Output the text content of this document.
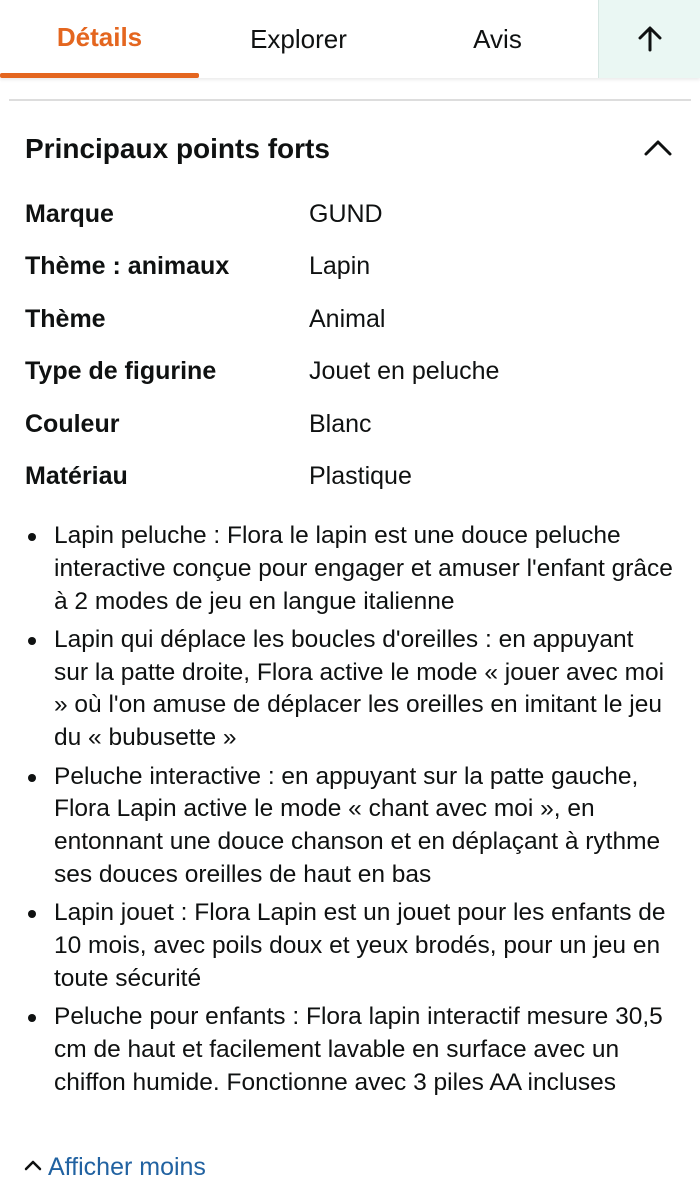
Détails	Explorer	Avis
Principaux points forts
Marque	GUND
Thème : animaux	Lapin
Thème	Animal
Type de figurine	Jouet en peluche
Couleur	Blanc
Matériau	Plastique
Lapin peluche : Flora le lapin est une douce peluche interactive conçue pour engager et amuser l'enfant grâce à 2 modes de jeu en langue italienne
Lapin qui déplace les boucles d'oreilles : en appuyant sur la patte droite, Flora active le mode « jouer avec moi » où l'on amuse de déplacer les oreilles en imitant le jeu du « bubusette »
Peluche interactive : en appuyant sur la patte gauche, Flora Lapin active le mode « chant avec moi », en entonnant une douce chanson et en déplaçant à rythme ses douces oreilles de haut en bas
Lapin jouet : Flora Lapin est un jouet pour les enfants de 10 mois, avec poils doux et yeux brodés, pour un jeu en toute sécurité
Peluche pour enfants : Flora lapin interactif mesure 30,5 cm de haut et facilement lavable en surface avec un chiffon humide. Fonctionne avec 3 piles AA incluses
Afficher moins
